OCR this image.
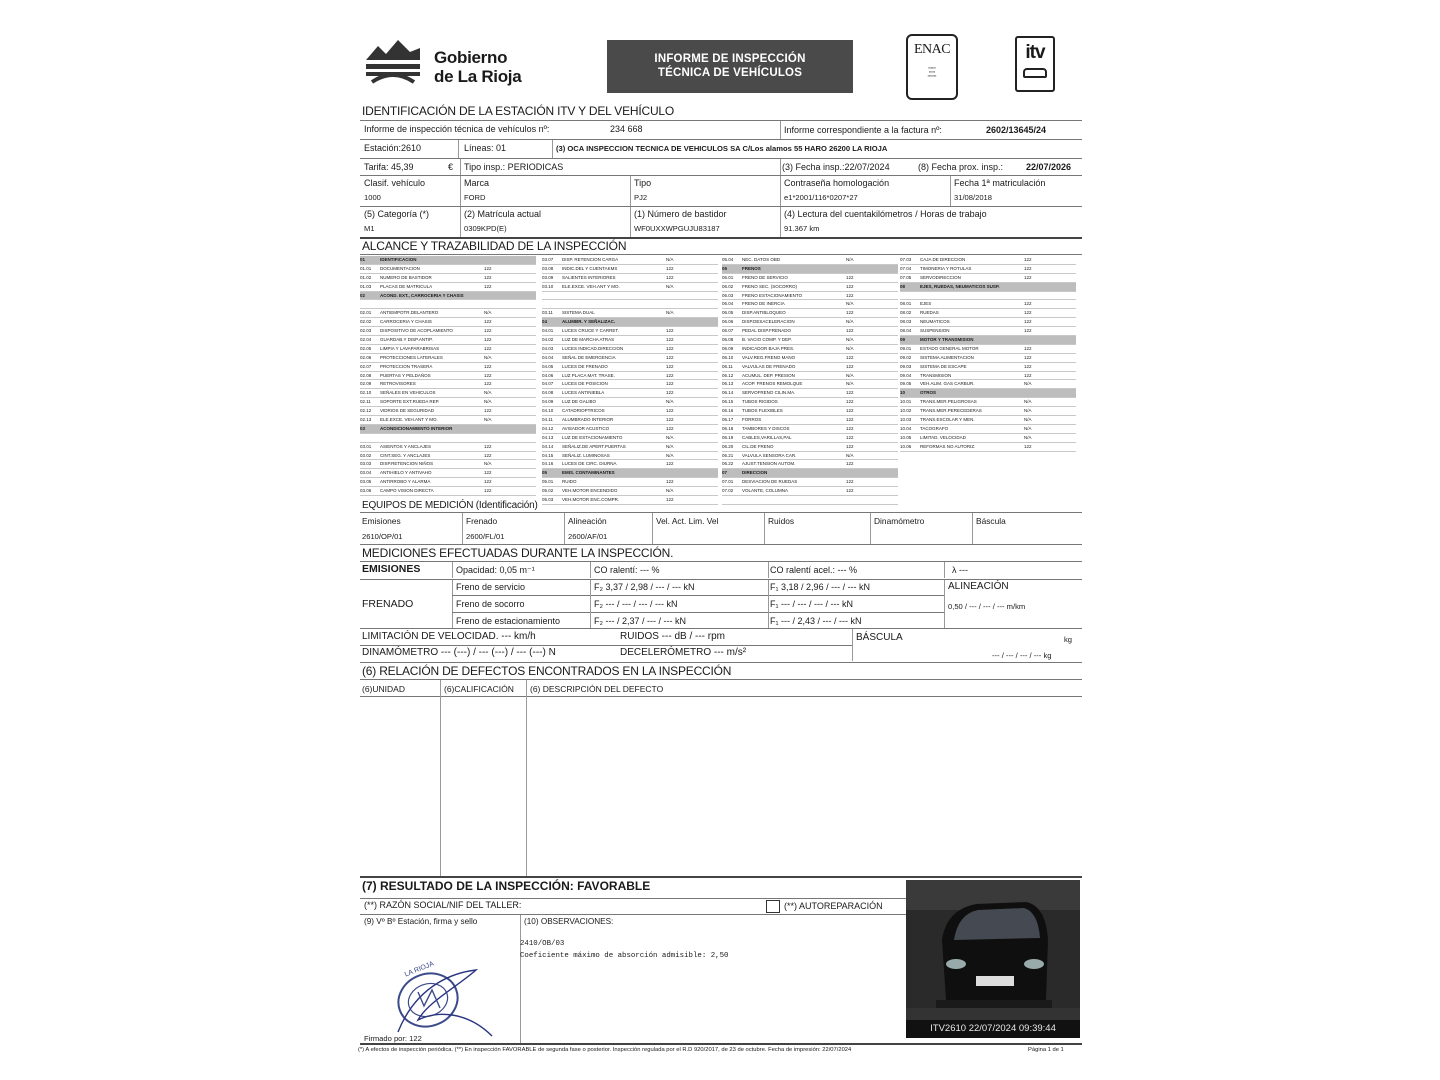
Gobierno
de La Rioja
INFORME DE INSPECCIÓN
TÉCNICA DE VEHÍCULOS
ENAC
▪▪▪▪▪▪
▪▪▪▪▪
▪▪▪▪▪▪▪
itv
IDENTIFICACIÓN DE LA ESTACIÓN ITV Y DEL VEHÍCULO
Informe de inspección técnica de vehículos nº:	234 668	Informe correspondiente a la factura nº:	2602/13645/24
Estación:2610	Líneas: 01	(3) OCA INSPECCION TECNICA DE VEHICULOS SA C/Los alamos 55 HARO 26200 LA RIOJA
Tarifa: 45,39	€ Tipo insp.: PERIODICAS	(3) Fecha insp.:22/07/2024	(8) Fecha prox. insp.:	22/07/2026
Clasif. vehículo
1000
Marca
FORD
Tipo
PJ2
Contraseña homologación
e1*2001/116*0207*27
Fecha 1ª matriculación
31/08/2018
(5) Categoría (*)
M1
(2) Matrícula actual
0309KPD(E)
(1) Número de bastidor
WF0UXXWPGUJU83187
(4) Lectura del cuentakilómetros / Horas de trabajo
91.367 km
ALCANCE Y TRAZABILIDAD DE LA INSPECCIÓN
01	IDENTIFICACION
01.01	DOCUMENTACION	122
01.02	NUMERO DE BASTIDOR	122
01.03	PLACAS DE MATRICULA	122
02	ACOND. EXT., CARROCERIA Y CHASIS
02.01	ANTIEMPOTR.DELANTERO	N/A
02.02	CARROCERIA Y CHASIS	122
02.03	DISPOSITIVO DE ACOPLAMIENTO	122
02.04	GUARDAB.Y DISP.ANTIP.	122
02.05	LIMPIA Y LAVAPARABRISAS	122
02.06	PROTECCIONES LATERALES	N/A
02.07	PROTECCION TRASERA	122
02.08	PUERTAS Y PELDAÑOS	122
02.09	RETROVISORES	122
02.10	SEÑALES EN VEHICULOS	N/A
02.11	SOPORTE EXT.RUEDA REP.	N/A
02.12	VIDRIOS DE SEGURIDAD	122
02.13	ELE.EXCE. VEH.ANT Y MO.	N/A
03	ACONDICIONAMIENTO INTERIOR
03.01	ASIENTOS Y ANCLAJES	122
03.02	CINT.SEG. Y ANCLAJES	122
03.03	DISP.RETENCION NIÑOS	N/A
03.04	ANTIHIELO Y ANTIVAHO	122
03.05	ANTIRROBO Y ALARMA	122
03.06	CAMPO VISION DIRECTA	122
03.07	DISP. RETENCION CARGA	N/A
03.08	INDIC.DEL Y CUENTAKMS	122
03.09	SALIENTES INTERIORES	122
03.10	ELE.EXCE. VEH.ANT Y MO.	N/A
03.11	SISTEMA DUAL	N/A
04	ALUMBR. Y SEÑALIZAC.
04.01	LUCES CRUCE Y CARRET.	122
04.02	LUZ DE MARCHA ATRAS	122
04.03	LUCES INDICAD.DIRECCION	122
04.04	SEÑAL DE EMERGENCIA	122
04.05	LUCES DE FRENADO	122
04.06	LUZ PLACA MAT. TRASE.	122
04.07	LUCES DE POSICION	122
04.08	LUCES ANTINIEBLA	122
04.09	LUZ DE GALIBO	N/A
04.10	CATADRIOPTRICOS	122
04.11	ALUMBRADO INTERIOR	122
04.12	AVISADOR ACUSTICO	122
04.13	LUZ DE ESTACIONAMIENTO	N/A
04.14	SEÑALIZ.DE APERT.PUERTAS	N/A
04.15	SEÑALIZ. LUMINOSAS	N/A
04.16	LUCES DE CIRC. DIURNA	122
05	EMIS. CONTAMINANTES
05.01	RUIDO	122
05.02	VEH.MOTOR ENCENDIDO	N/A
05.03	VEH.MOTOR ENC.COMPR.	122
05.04	NEC. DATOS OBD	N/A
06	FRENOS
06.01	FRENO DE SERVICIO	122
06.02	FRENO SEC. (SOCORRO)	122
06.03	FRENO ESTACIONAMIENTO	122
06.04	FRENO DE INERCIA	N/A
06.05	DISP.ANTIBLOQUEO	122
06.06	DISP.DESACELERACION	N/A
06.07	PEDAL DISP.FRENADO	122
06.08	B. VACIO COMP. Y DEP.	N/A
06.09	INDICADOR BAJA PRES.	N/A
06.10	VALV.REG.FRENO MANO	122
06.11	VALVULAS DE FRENADO	122
06.12	ACUMUL. DEP. PRESION	N/A
06.13	ACOP. FRENOS REMOLQUE	N/A
06.14	SERVOFRENO CILIN.MA.	122
06.15	TUBOS RIGIDOS	122
06.16	TUBOS FLEXIBLES	122
06.17	FORROS	122
06.18	TAMBORES Y DISCOS	122
06.19	CABLES,VARILLAS,PAL	122
06.20	CIL.DE FRENO	122
06.21	VALVULA SENSORA CAR.	N/A
06.22	AJUST.TENSION AUTOM.	122
07	DIRECCION
07.01	DESVIACION DE RUEDAS	122
07.02	VOLANTE, COLUMNA	122
07.03	CAJA DE DIRECCION	122
07.04	TIMONERIA Y ROTULAS	122
07.05	SERVODIRECCION	122
08	EJES, RUEDAS, NEUMATICOS SUSP.
08.01	EJES	122
08.02	RUEDAS	122
08.03	NEUMATICOS	122
08.04	SUSPENSION	122
09	MOTOR Y TRANSMISION
09.01	ESTADO GENERAL MOTOR	122
09.02	SISTEMA ALIMENTACION	122
09.03	SISTEMA DE ESCAPE	122
09.04	TRANSMISION	122
09.05	VEH.ALIM. GAS CARBUR.	N/A
10	OTROS
10.01	TRANS.MER.PELIGROSAS	N/A
10.02	TRANS.MER.PERECEDERAS	N/A
10.03	TRANS.ESCOLAR Y MEN.	N/A
10.04	TACOGRAFO	N/A
10.05	LIMITAD. VELOCIDAD	N/A
10.06	REFORMAS NO AUTORIZ.	122
EQUIPOS DE MEDICIÓN (Identificación)
Emisiones
2610/OP/01
Frenado
2600/FL/01
Alineación
2600/AF/01
Vel. Act. Lim. Vel	Ruidos	Dinamómetro	Báscula
MEDICIONES EFECTUADAS DURANTE LA INSPECCIÓN.
EMISIONES	Opacidad: 0,05 m⁻¹	CO ralentí: --- %	CO ralentí acel.: --- %	λ ---
FRENADO
Freno de servicio	F₂ 3,37 / 2,98 / --- / --- kN	F₁ 3,18 / 2,96 / --- / --- kN
Freno de socorro	F₂ --- / --- / --- / --- kN	F₁ --- / --- / --- / --- kN
Freno de estacionamiento	F₂ --- / 2,37 / --- / --- kN	F₁ --- / 2,43 / --- / --- kN
ALINEACIÓN
0,50 / --- / --- / --- m/km
LIMITACIÓN DE VELOCIDAD. --- km/h	RUIDOS --- dB / --- rpm	BÁSCULA	kg
DINAMÓMETRO --- (---) / --- (---) / --- (---) N	DECELERÓMETRO --- m/s²	--- / --- / --- / --- kg
(6) RELACIÓN DE DEFECTOS ENCONTRADOS EN LA INSPECCIÓN
(6)UNIDAD	(6)CALIFICACIÓN (6) DESCRIPCIÓN DEL DEFECTO
(7) RESULTADO DE LA INSPECCIÓN: FAVORABLE
(**) RAZÓN SOCIAL/NIF DEL TALLER:	(**) AUTOREPARACIÓN
(9) Vº Bº Estación, firma y sello	(10) OBSERVACIONES:
2410/OB/03
Coeficiente máximo de absorción admisible: 2,50
LA RIOJA
Firmado por: 122
ITV2610 22/07/2024 09:39:44
(*) A efectos de inspección periódica. (**) En inspección FAVORABLE de segunda fase o posterior. Inspección regulada por el R.D 920/2017, de 23 de octubre. Fecha de impresión: 22/07/2024	Página 1 de 1
